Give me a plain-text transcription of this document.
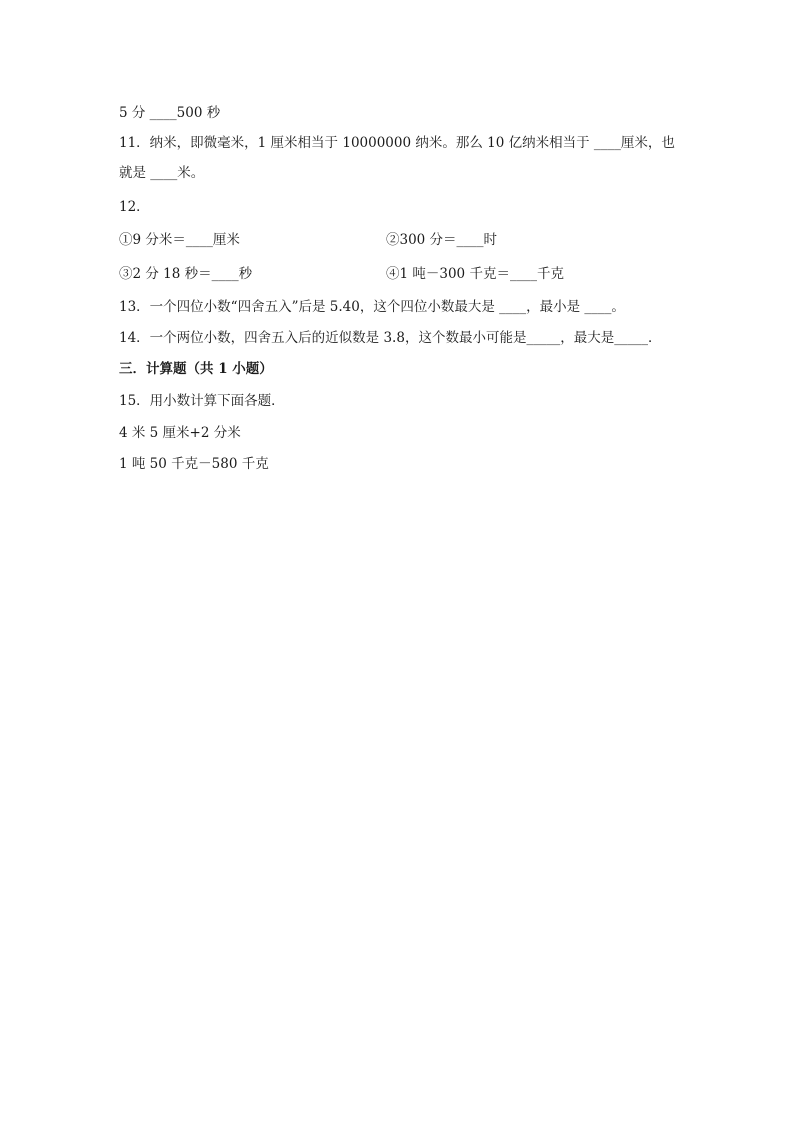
5 分 ____500 秒
11．纳米，即微毫米，1 厘米相当于 10000000 纳米。那么 10 亿纳米相当于 ____厘米，也
就是 ____米。
12．
①9 分米＝____厘米	②300 分＝____时
③2 分 18 秒＝____秒	④1 吨－300 千克＝____千克
13．一个四位小数“四舍五入”后是 5.40，这个四位小数最大是 ____，最小是 ____。
14．一个两位小数，四舍五入后的近似数是 3.8，这个数最小可能是_____，最大是_____．
三．计算题（共 1 小题）
15．用小数计算下面各题．
4 米 5 厘米+2 分米
1 吨 50 千克－580 千克
